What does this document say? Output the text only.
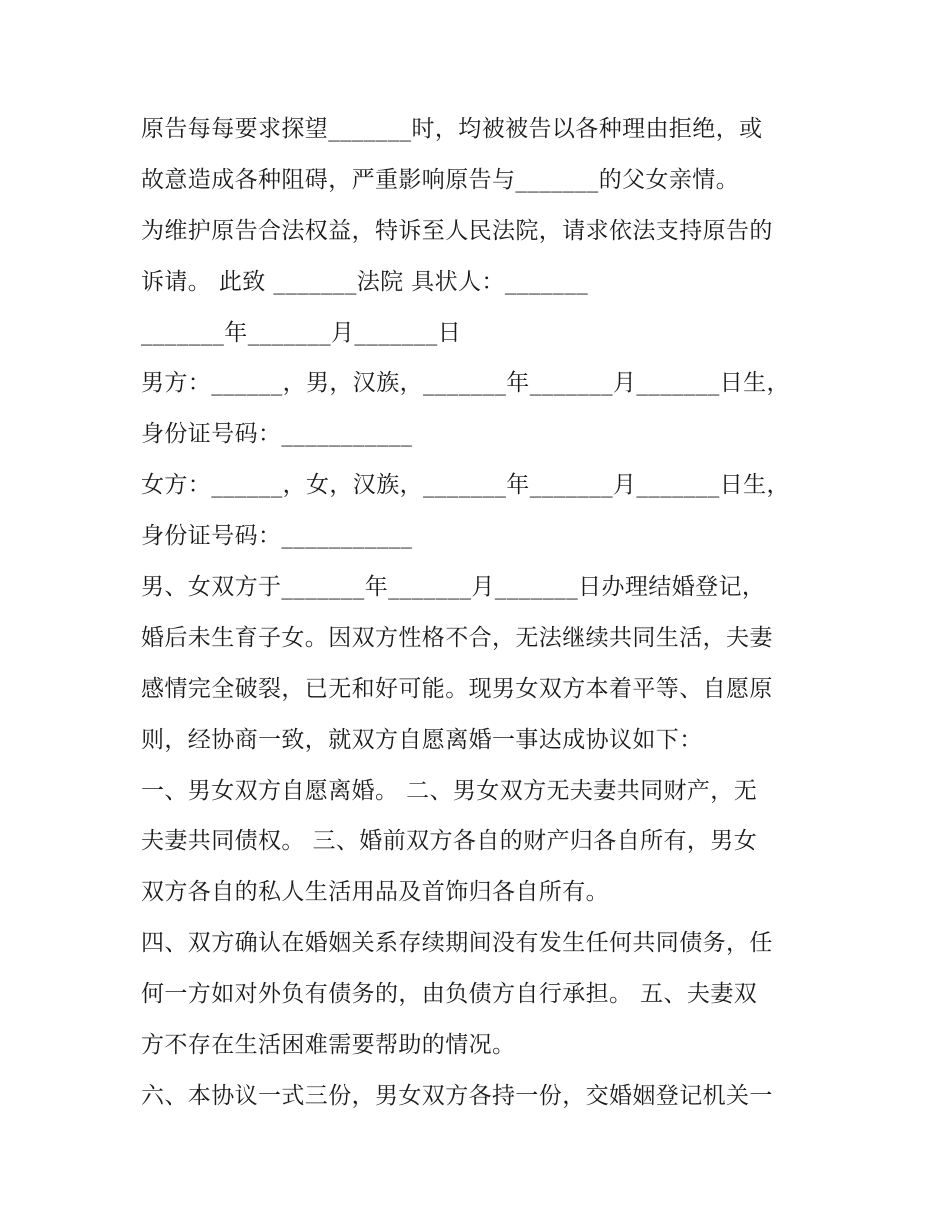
原告每每要求探望_______时，均被被告以各种理由拒绝，或
故意造成各种阻碍，严重影响原告与_______的父女亲情。
为维护原告合法权益，特诉至人民法院，请求依法支持原告的
诉请。 此致 _______法院 具状人：_______
_______年_______月_______日
男方：______，男，汉族，_______年_______月_______日生，
身份证号码：___________
女方：______，女，汉族，_______年_______月_______日生，
身份证号码：___________
男、女双方于_______年_______月_______日办理结婚登记，
婚后未生育子女。因双方性格不合，无法继续共同生活，夫妻
感情完全破裂，已无和好可能。现男女双方本着平等、自愿原
则，经协商一致，就双方自愿离婚一事达成协议如下：
一、男女双方自愿离婚。 二、男女双方无夫妻共同财产，无
夫妻共同债权。 三、婚前双方各自的财产归各自所有，男女
双方各自的私人生活用品及首饰归各自所有。
四、双方确认在婚姻关系存续期间没有发生任何共同债务，任
何一方如对外负有债务的，由负债方自行承担。 五、夫妻双
方不存在生活困难需要帮助的情况。
六、本协议一式三份，男女双方各持一份，交婚姻登记机关一
